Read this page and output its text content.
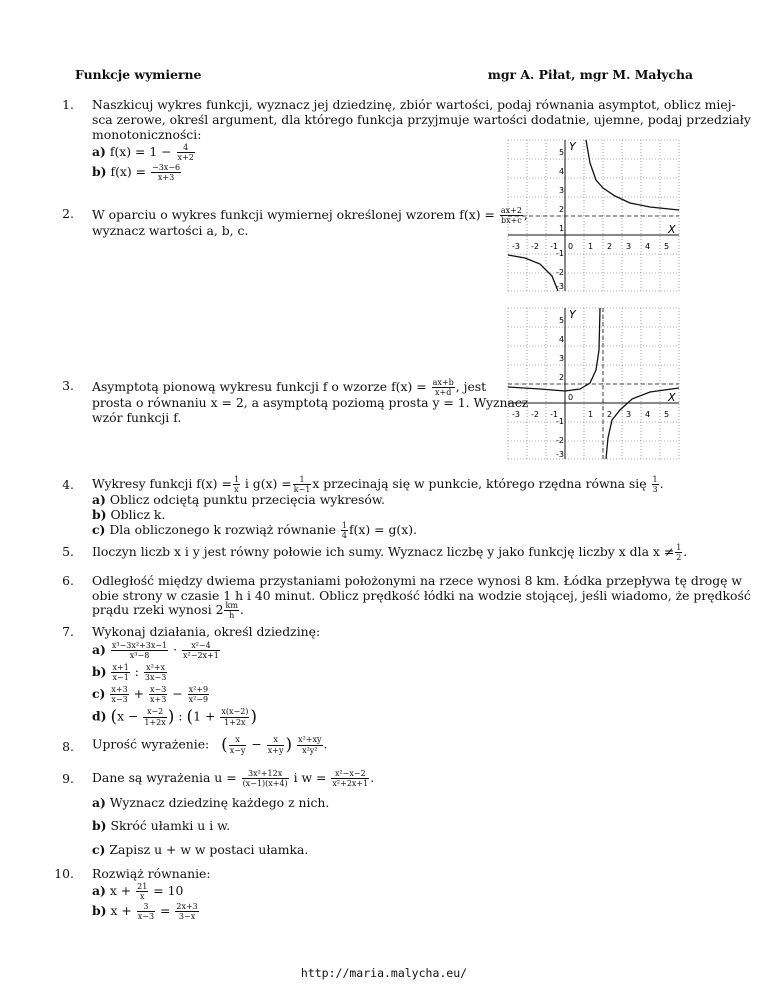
Funkcje wymierne	mgr A. Piłat, mgr M. Małycha
1. Naszkicuj wykres funkcji, wyznacz jej dziedzinę, zbiór wartości, podaj równania asymptot, oblicz miej-
sca zerowe, określ argument, dla którego funkcja przyjmuje wartości dodatnie, ujemne, podaj przedziały
monotoniczności:
a) $f(x) = 1 - \frac{4}{x+2}$
b) $f(x) = \frac{-3x-6}{x+3}$
2. W oparciu o wykres funkcji wymiernej określonej wzorem $f(x) = \frac{ax+2}{bx+c}$ ,
wyznacz wartości a, b, c.	X
Y
-3 -2 -1 0 1 2 3 4 5
5
4
3
2
1
-1
-2
-3
X
Y
-3 -2 -1
0
1 2 3 4 5
5
4
3
2
-1
-2
-3
3. Asymptotą pionową wykresu funkcji f o wzorze $f(x) = \frac{ax+b}{x+d}$ , jest
prosta o równaniu x = 2, a asymptotą poziomą prosta y = 1. Wyznacz
wzór funkcji f.
4. Wykresy funkcji $f(x) = \frac{1}{x}$ i $g(x) = \frac{1}{k-1}$ x przecinają się w punkcie, którego rzędna równa się $\frac{1}{3}$ .
a) Oblicz odciętą punktu przecięcia wykresów.
b) Oblicz k.
c) Dla obliczonego k rozwiąż równanie $\frac{1}{4} f(x) = g(x)$.
5. Iloczyn liczb x i y jest równy połowie ich sumy. Wyznacz liczbę y jako funkcję liczby x dla $x \ne \frac{1}{2}$ .
6. Odległość między dwiema przystaniami położonymi na rzece wynosi 8 km. Łódka przepływa tę drogę w
obie strony w czasie 1 h i 40 minut. Oblicz prędkość łódki na wodzie stojącej, jeśli wiadomo, że prędkość
prądu rzeki wynosi $2 \frac{km}{h}$ .
7. Wykonaj działania, określ dziedzinę:
$a) \frac{\text{x³−3x²+3x−1}}{\text{x³−8}} \cdot \frac{\text{x²−4}}{\text{x²−2x+1}}$
$b) \frac{x+1}{x-1}$ : $\frac{\text{x²+x}}{3x-3}$
$c) \frac{x+3}{x-3} + \frac{x-3}{x+3} - \frac{\text{x²+9}}{\text{x²−9}}$
d) ($x - \frac{x-2}{1+2x}$ ) : ($1 + \frac{x(x-2)}{1+2x}$ )
8. Uprość wyrażenie: ( $\frac{x}{x-y} - \frac{x}{x+y}$ ) $\frac{\text{x²+xy}}{\text{x²y²}}$ .
9. Dane są wyrażenia $u = \frac{\text{3x²+12x}}{(x-1)(x+4)}$ i $w = \frac{\text{x²−x−2}}{\text{x²+2x+1}}$ .
a) Wyznacz dziedzinę każdego z nich.
b) Skróć ułamki u i w.
c) Zapisz u + w w postaci ułamka.
10. Rozwiąż równanie:
a) $x + \frac{21}{x} = 10$
b) $x + \frac{3}{x-3} = \frac{2x+3}{3-x}$
http://maria.malycha.eu/
